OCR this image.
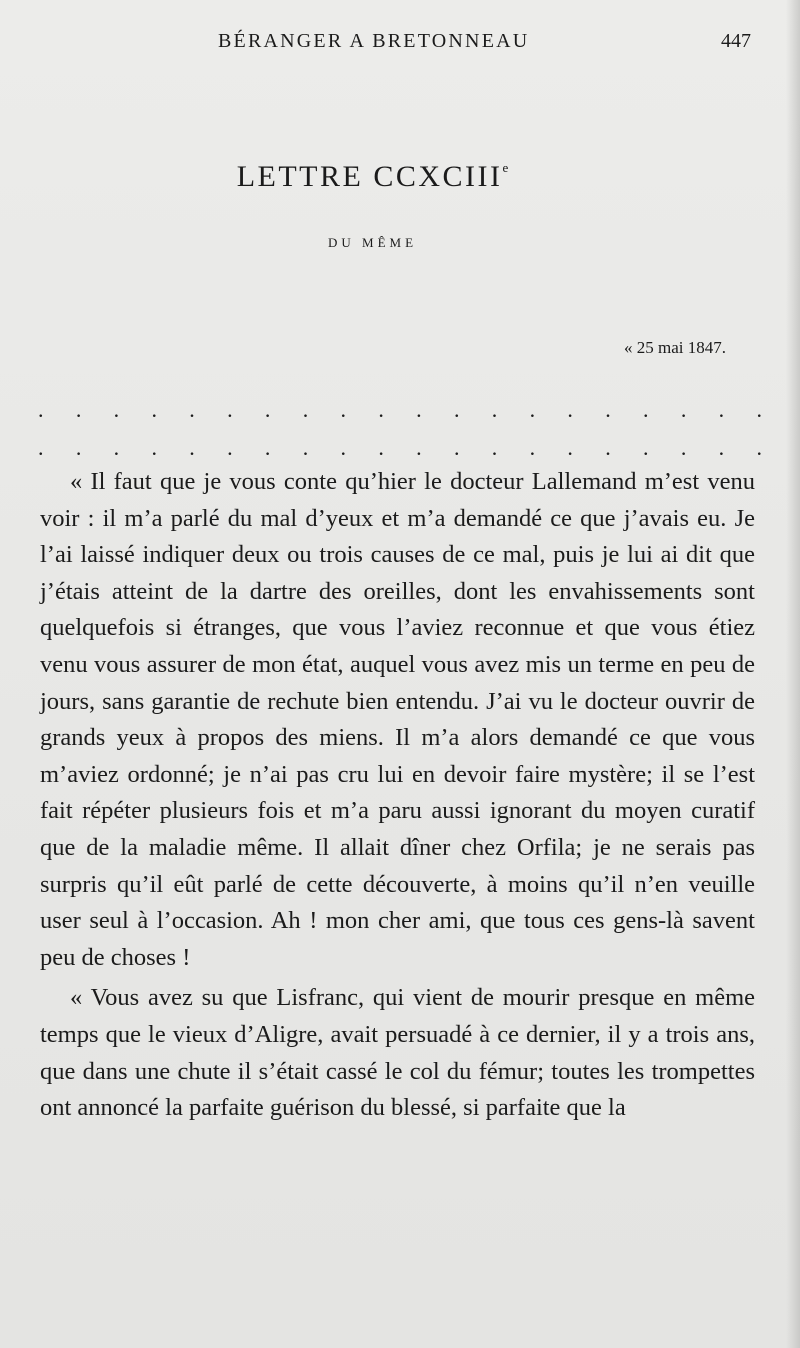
BÉRANGER A BRETONNEAU	447
LETTRE CCXCIIIe
DU MÊME
« 25 mai 1847.
. . . . . . . . . . . . . . . . . . . .
. . . . . . . . . . . . . . . . . . . .

« Il faut que je vous conte qu’hier le docteur Lallemand m’est venu voir : il m’a parlé du mal d’yeux et m’a demandé ce que j’avais eu. Je l’ai laissé indiquer deux ou trois causes de ce mal, puis je lui ai dit que j’étais atteint de la dartre des oreilles, dont les envahissements sont quelquefois si étranges, que vous l’aviez reconnue et que vous étiez venu vous assurer de mon état, auquel vous avez mis un terme en peu de jours, sans garantie de rechute bien entendu. J’ai vu le docteur ouvrir de grands yeux à propos des miens. Il m’a alors demandé ce que vous m’aviez ordonné; je n’ai pas cru lui en devoir faire mystère; il se l’est fait répéter plusieurs fois et m’a paru aussi ignorant du moyen curatif que de la maladie même. Il allait dîner chez Orfila; je ne serais pas surpris qu’il eût parlé de cette découverte, à moins qu’il n’en veuille user seul à l’occasion. Ah ! mon cher ami, que tous ces gens-là savent peu de choses !

« Vous avez su que Lisfranc, qui vient de mourir presque en même temps que le vieux d’Aligre, avait persuadé à ce dernier, il y a trois ans, que dans une chute il s’était cassé le col du fémur; toutes les trompettes ont annoncé la parfaite guérison du blessé, si parfaite que la
